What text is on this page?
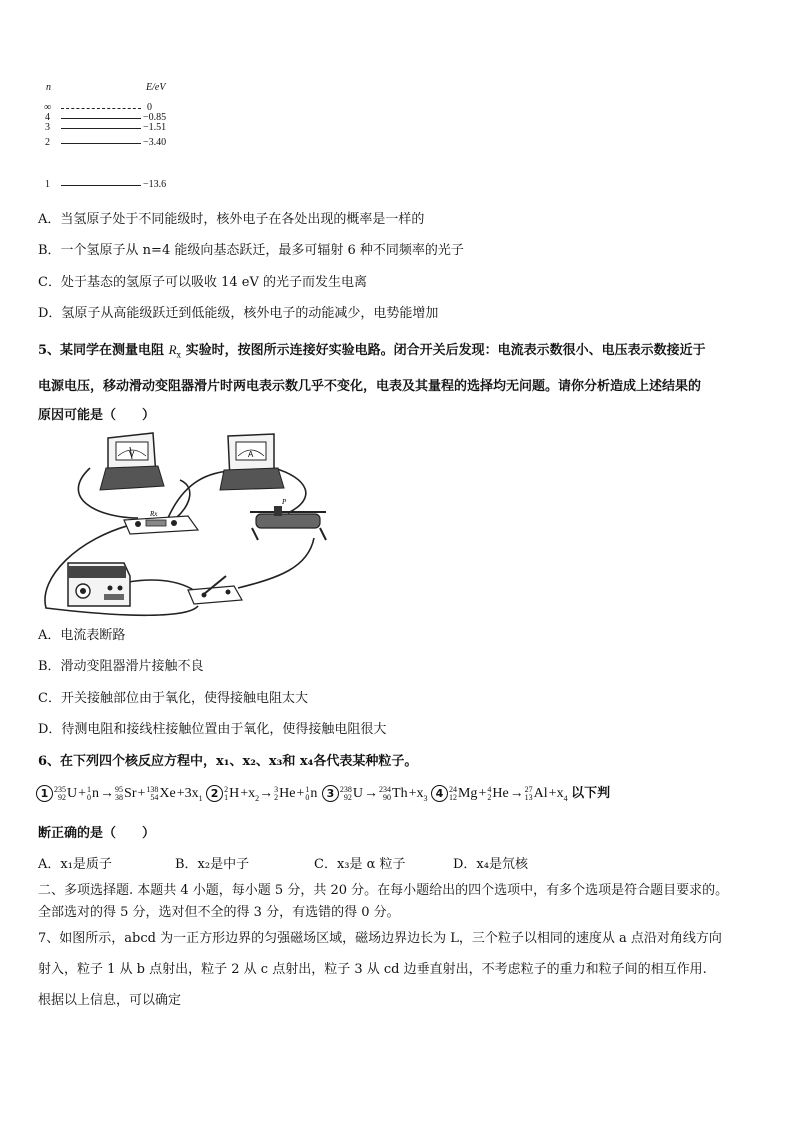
n	E/eV
∞	0
4	−0.85
3	−1.51
2	−3.40
1	−13.6
A．当氢原子处于不同能级时，核外电子在各处出现的概率是一样的
B．一个氢原子从 n=4 能级向基态跃迁，最多可辐射 6 种不同频率的光子
C．处于基态的氢原子可以吸收 14 eV 的光子而发生电离
D．氢原子从高能级跃迁到低能级，核外电子的动能减少，电势能增加
5、某同学在测量电阻 $R_x$ 实验时，按图所示连接好实验电路。闭合开关后发现：电流表示数很小、电压表示数接近于
电源电压，移动滑动变阻器滑片时两电表示数几乎不变化，电表及其量程的选择均无问题。请你分析造成上述结果的
原因可能是（　　）
V	A
Rx
P
A．电流表断路
B．滑动变阻器滑片接触不良
C．开关接触部位由于氧化，使得接触电阻太大
D．待测电阻和接线柱接触位置由于氧化，使得接触电阻很大
6、在下列四个核反应方程中，x₁、x₂、x₃和 x₄各代表某种粒子。
1 235
92 U+ 1
0 n→ 95
38 Sr+ 138
54 $Xe+3x_1$ 2 2
1 $H+x_2\to 3$
2 He+ 1
0 n 3 238
92 U→ 234
90 $Th+x_3$ 4 24
12 Mg+ 4
2 He→ 27
13 $Al+x_4$ 以下判
断正确的是（　　）
A．x₁是质子	B．x₂是中子	C．x₃是 α 粒子	D．x₄是氘核
二、多项选择题. 本题共 4 小题，每小题 5 分，共 20 分。在每小题给出的四个选项中，有多个选项是符合题目要求的。
全部选对的得 5 分，选对但不全的得 3 分，有选错的得 0 分。
7、如图所示，abcd 为一正方形边界的匀强磁场区域，磁场边界边长为 L，三个粒子以相同的速度从 a 点沿对角线方向
射入，粒子 1 从 b 点射出，粒子 2 从 c 点射出，粒子 3 从 cd 边垂直射出，不考虑粒子的重力和粒子间的相互作用.
根据以上信息，可以确定
